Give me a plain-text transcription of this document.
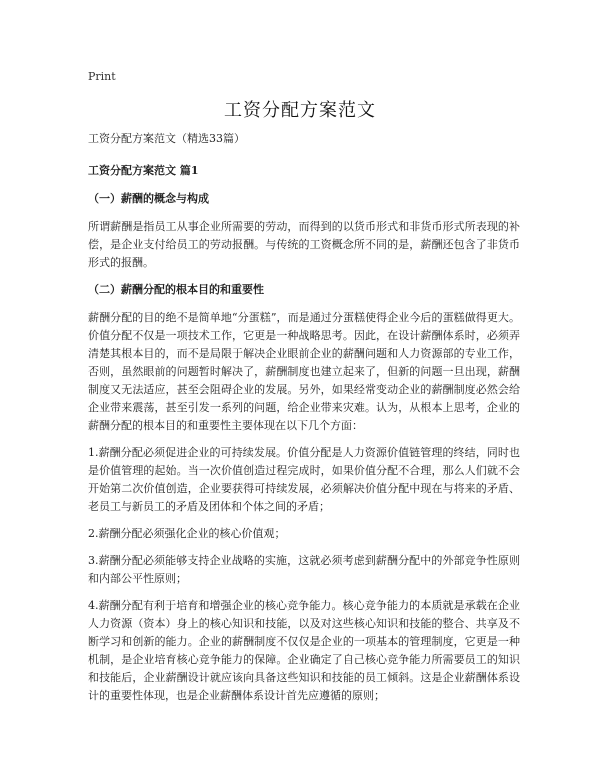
Print
工资分配方案范文

工资分配方案范文（精选33篇）

工资分配方案范文 篇1

（一）薪酬的概念与构成

所谓薪酬是指员工从事企业所需要的劳动，而得到的以货币形式和非货币形式所表现的补偿，是企业支付给员工的劳动报酬。与传统的工资概念所不同的是，薪酬还包含了非货币形式的报酬。

（二）薪酬分配的根本目的和重要性

薪酬分配的目的绝不是简单地“分蛋糕”，而是通过分蛋糕使得企业今后的蛋糕做得更大。价值分配不仅是一项技术工作，它更是一种战略思考。因此，在设计薪酬体系时，必须弄清楚其根本目的，而不是局限于解决企业眼前企业的薪酬问题和人力资源部的专业工作，否则，虽然眼前的问题暂时解决了，薪酬制度也建立起来了，但新的问题一旦出现，薪酬制度又无法适应，甚至会阻碍企业的发展。另外，如果经常变动企业的薪酬制度必然会给企业带来震荡，甚至引发一系列的问题，给企业带来灾难。认为，从根本上思考，企业的薪酬分配的根本目的和重要性主要体现在以下几个方面：

1.薪酬分配必须促进企业的可持续发展。价值分配是人力资源价值链管理的终结，同时也是价值管理的起始。当一次价值创造过程完成时，如果价值分配不合理，那么人们就不会开始第二次价值创造，企业要获得可持续发展，必须解决价值分配中现在与将来的矛盾、老员工与新员工的矛盾及团体和个体之间的矛盾；

2.薪酬分配必须强化企业的核心价值观；

3.薪酬分配必须能够支持企业战略的实施，这就必须考虑到薪酬分配中的外部竞争性原则和内部公平性原则；

4.薪酬分配有利于培育和增强企业的核心竞争能力。核心竞争能力的本质就是承载在企业人力资源（资本）身上的核心知识和技能，以及对这些核心知识和技能的整合、共享及不断学习和创新的能力。企业的薪酬制度不仅仅是企业的一项基本的管理制度，它更是一种机制，是企业培育核心竞争能力的保障。企业确定了自己核心竞争能力所需要员工的知识和技能后，企业薪酬设计就应该向具备这些知识和技能的员工倾斜。这是企业薪酬体系设计的重要性体现，也是企业薪酬体系设计首先应遵循的原则；
